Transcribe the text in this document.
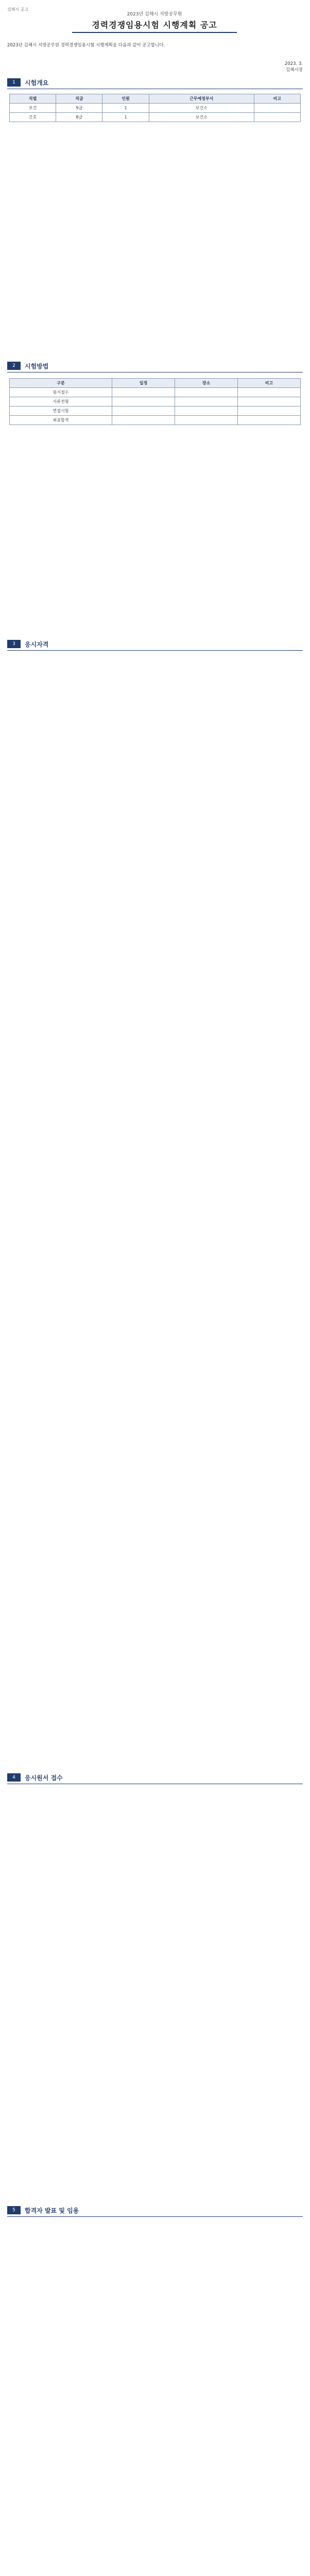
김해시 공고
2023년 김해시 지방공무원
경력경쟁임용시험 시행계획 공고
2023년 김해시 지방공무원 경력경쟁임용시험 시행계획을 다음과 같이 공고합니다.
2023. 3.
김해시장
1	시험개요
직렬	직급	인원	근무예정부서	비고
보건	9급	1	보건소	
간호	8급	1	보건소	
2	시험방법
구분	일정	장소	비고
원서접수			
서류전형			
면접시험			
최종합격			
3	응시자격
4	응시원서 접수
5	합격자 발표 및 임용
